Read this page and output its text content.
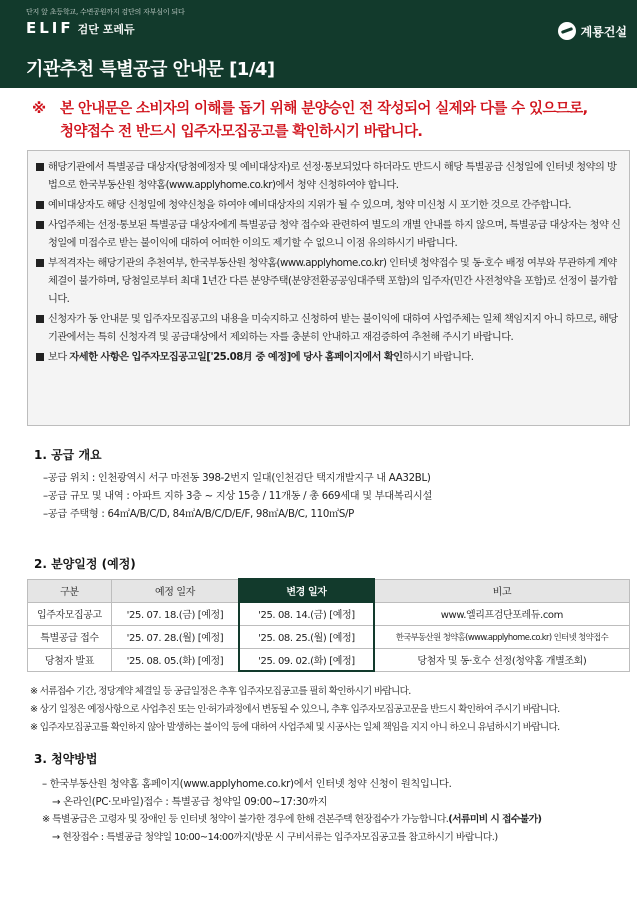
단지 앞 초등학교, 수변공원까지 검단의 자부심이 되다
ELIF 검단 포레듀	계룡건설
기관추천 특별공급 안내문 [1/4]
※ 본 안내문은 소비자의 이해를 돕기 위해 분양승인 전 작성되어 실제와 다를 수 있으므로,
청약접수 전 반드시 입주자모집공고를 확인하시기 바랍니다.
해당기관에서 특별공급 대상자(당첨예정자 및 예비대상자)로 선정·통보되었다 하더라도 반드시 해당 특별공급 신청일에 인터넷 청약의 방법으로 한국부동산원 청약홈(www.applyhome.co.kr)에서 청약 신청하여야 합니다.
예비대상자도 해당 신청일에 청약신청을 하여야 예비대상자의 지위가 될 수 있으며, 청약 미신청 시 포기한 것으로 간주합니다.
사업주체는 선정·통보된 특별공급 대상자에게 특별공급 청약 접수와 관련하여 별도의 개별 안내를 하지 않으며, 특별공급 대상자는 청약 신청일에 미접수로 받는 불이익에 대하여 어떠한 이의도 제기할 수 없으니 이점 유의하시기 바랍니다.
부적격자는 해당기관의 추천여부, 한국부동산원 청약홈(www.applyhome.co.kr) 인터넷 청약접수 및 동·호수 배정 여부와 무관하게 계약체결이 불가하며, 당첨일로부터 최대 1년간 다른 분양주택(분양전환공공임대주택 포함)의 입주자(민간 사전청약을 포함)로 선정이 불가합니다.
신청자가 동 안내문 및 입주자모집공고의 내용을 미숙지하고 신청하여 받는 불이익에 대하여 사업주체는 일체 책임지지 아니 하므로, 해당 기관에서는 특히 신청자격 및 공급대상에서 제외하는 자를 충분히 안내하고 재검증하여 추천해 주시기 바랍니다.
보다 자세한 사항은 입주자모집공고일['25.08月 중 예정]에 당사 홈페이지에서 확인하시기 바랍니다.
1. 공급 개요
–공급 위치 : 인천광역시 서구 마전동 398-2번지 일대(인천검단 택지개발지구 내 AA32BL)
–공급 규모 및 내역 : 아파트 지하 3층 ~ 지상 15층 / 11개동 / 총 669세대 및 부대복리시설
–공급 주택형 : 64㎡A/B/C/D, 84㎡A/B/C/D/E/F, 98㎡A/B/C, 110㎡S/P
2. 분양일정 (예정)
구분	예정 일자	변경 일자	비고
입주자모집공고	'25. 07. 18.(금) [예정]	'25. 08. 14.(금) [예정]	www.엘리프검단포레듀.com
특별공급 접수	'25. 07. 28.(월) [예정]	'25. 08. 25.(월) [예정]	한국부동산원 청약홈(www.applyhome.co.kr) 인터넷 청약접수
당첨자 발표	'25. 08. 05.(화) [예정]	'25. 09. 02.(화) [예정]	당첨자 및 동·호수 선정(청약홈 개별조회)
※ 서류접수 기간, 정당계약 체결일 등 공급일정은 추후 입주자모집공고를 필히 확인하시기 바랍니다.
※ 상기 일정은 예정사항으로 사업추진 또는 인·허가과정에서 변동될 수 있으니, 추후 입주자모집공고문을 반드시 확인하여 주시기 바랍니다.
※ 입주자모집공고를 확인하지 않아 발생하는 불이익 등에 대하여 사업주체 및 시공사는 일체 책임을 지지 아니 하오니 유념하시기 바랍니다.
3. 청약방법
– 한국부동산원 청약홈 홈페이지(www.applyhome.co.kr)에서 인터넷 청약 신청이 원칙입니다.
→ 온라인(PC·모바일)접수 : 특별공급 청약일 09:00~17:30까지
※ 특별공급은 고령자 및 장애인 등 인터넷 청약이 불가한 경우에 한해 견본주택 현장접수가 가능합니다.(서류미비 시 접수불가)
→ 현장접수 : 특별공급 청약일 10:00~14:00까지(방문 시 구비서류는 입주자모집공고를 참고하시기 바랍니다.)
